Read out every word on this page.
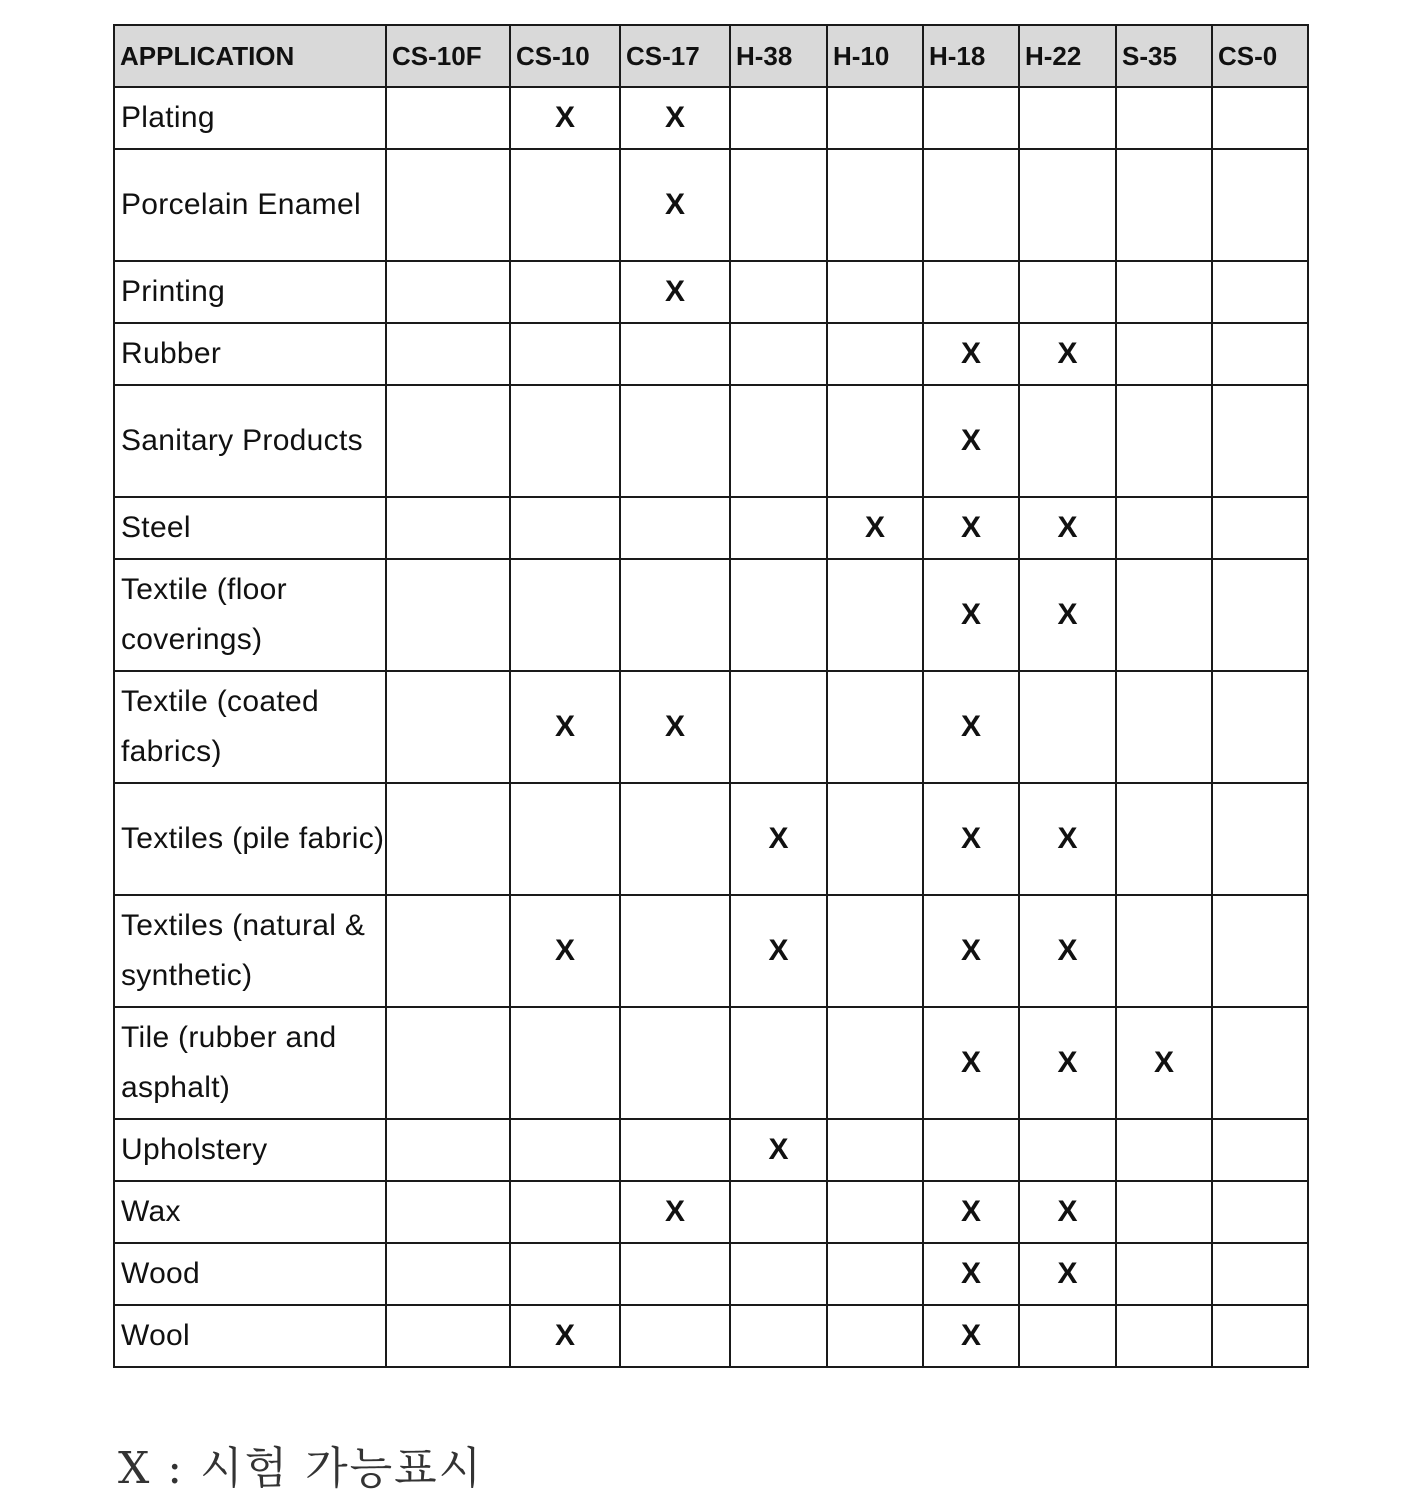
APPLICATION	CS-10F	CS-10	CS-17	H-38	H-10	H-18	H-22	S-35	CS-0
Plating		X	X						
Porcelain Enamel			X						
Printing			X						
Rubber						X	X		
Sanitary Products						X			
Steel					X	X	X		
Textile (floor coverings)						X	X		
Textile (coated fabrics)		X	X			X			
Textiles (pile fabric)				X		X	X		
Textiles (natural & synthetic)		X		X		X	X		
Tile (rubber and asphalt)						X	X	X	
Upholstery				X					
Wax			X			X	X		
Wood						X	X		
Wool		X				X			
X : 시험 가능표시
